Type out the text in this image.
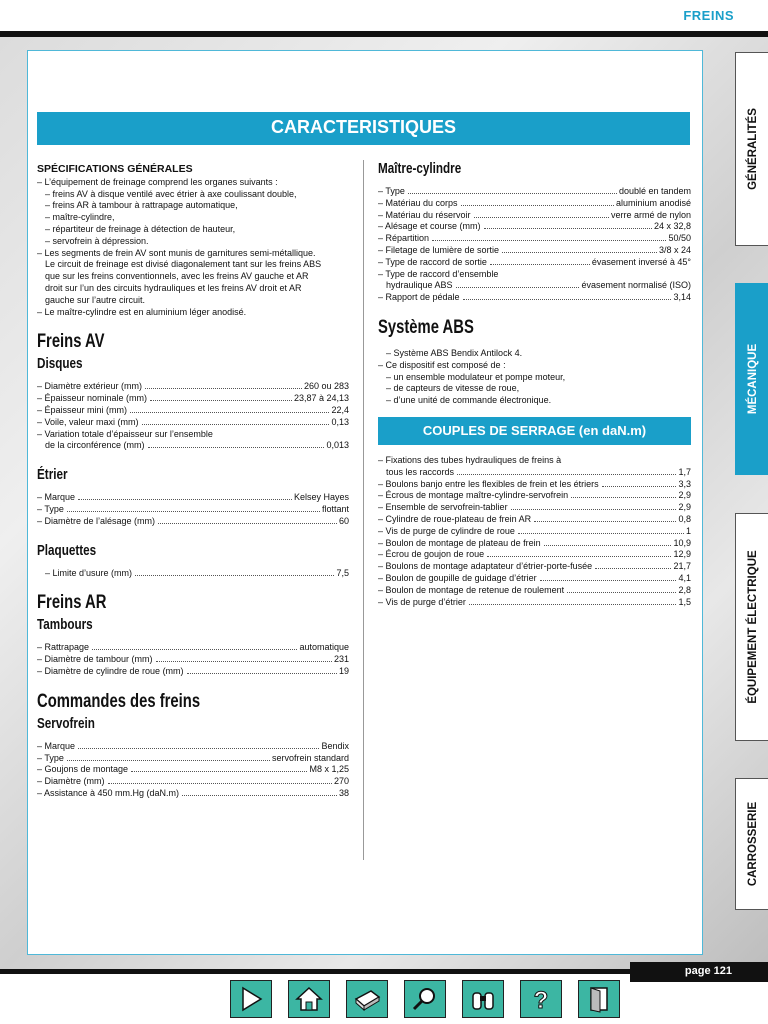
FREINS
CARACTERISTIQUES
SPÉCIFICATIONS GÉNÉRALES
– L’équipement de freinage comprend les organes suivants :
– freins AV à disque ventilé avec étrier à axe coulissant double,
– freins AR à tambour à rattrapage automatique,
– maître-cylindre,
– répartiteur de freinage à détection de hauteur,
– servofrein à dépression.
– Les segments de frein AV sont munis de garnitures semi-métallique.
Le circuit de freinage est divisé diagonalement tant sur les freins ABS
que sur les freins conventionnels, avec les freins AV gauche et AR
droit sur l’un des circuits hydrauliques et les freins AV droit et AR
gauche sur l’autre circuit.
– Le maître-cylindre est en aluminium léger anodisé.
Freins AV
Disques
– Diamètre extérieur (mm)	260 ou 283
– Épaisseur nominale (mm)	23,87 à 24,13
– Épaisseur mini (mm)	22,4
– Voile, valeur maxi (mm)	0,13
– Variation totale d’épaisseur sur l’ensemble
de la circonférence (mm)	0,013
Étrier
– Marque	Kelsey Hayes
– Type	flottant
– Diamètre de l’alésage (mm)	60
Plaquettes
– Limite d’usure (mm)	7,5
Freins AR
Tambours
– Rattrapage	automatique
– Diamètre de tambour (mm)	231
– Diamètre de cylindre de roue (mm)	19
Commandes des freins
Servofrein
– Marque	Bendix
– Type	servofrein standard
– Goujons de montage	M8 x 1,25
– Diamètre (mm)	270
– Assistance à 450 mm.Hg (daN.m)	38
Maître-cylindre
– Type	doublé en tandem
– Matériau du corps	aluminium anodisé
– Matériau du réservoir	verre armé de nylon
– Alésage et course (mm)	24 x 32,8
– Répartition	50/50
– Filetage de lumière de sortie	3/8 x 24
– Type de raccord de sortie	évasement inversé à 45°
– Type de raccord d’ensemble
hydraulique ABS	évasement normalisé (ISO)
– Rapport de pédale	3,14
Système ABS
– Système ABS Bendix Antilock 4.
– Ce dispositif est composé de :
– un ensemble modulateur et pompe moteur,
– de capteurs de vitesse de roue,
– d’une unité de commande électronique.
COUPLES DE SERRAGE (en daN.m)
– Fixations des tubes hydrauliques de freins à
tous les raccords	1,7
– Boulons banjo entre les flexibles de frein et les étriers	3,3
– Écrous de montage maître-cylindre-servofrein	2,9
– Ensemble de servofrein-tablier	2,9
– Cylindre de roue-plateau de frein AR	0,8
– Vis de purge de cylindre de roue	1
– Boulon de montage de plateau de frein	10,9
– Écrou de goujon de roue	12,9
– Boulons de montage adaptateur d’étrier-porte-fusée	21,7
– Boulon de goupille de guidage d’étrier	4,1
– Boulon de montage de retenue de roulement	2,8
– Vis de purge d’étrier	1,5
GÉNÉRALITÉS
MÉCANIQUE
ÉQUIPEMENT ÉLECTRIQUE
CARROSSERIE
page 121
?
